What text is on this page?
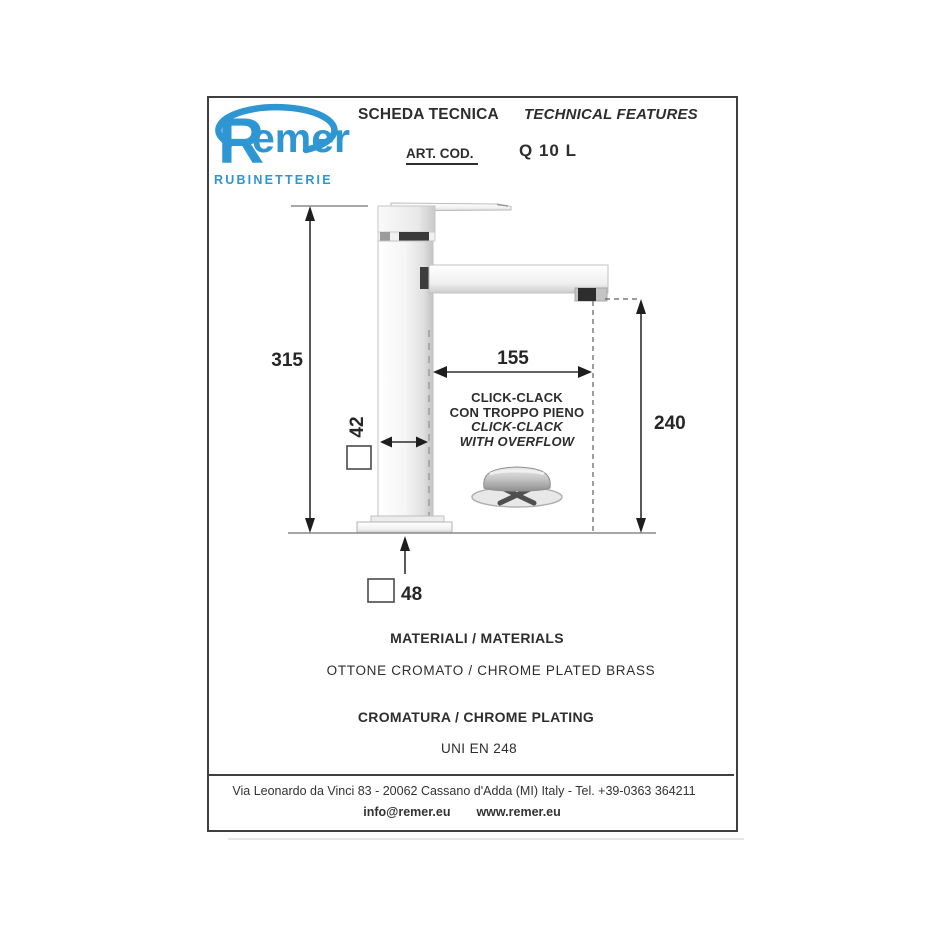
R
emer
RUBINETTERIE
SCHEDA TECNICA TECHNICAL FEATURES
ART. COD.	Q 10 L
315
42
155
240
48
CLICK-CLACK
CON TROPPO PIENO
CLICK-CLACK
WITH OVERFLOW
MATERIALI / MATERIALS
OTTONE CROMATO / CHROME PLATED BRASS
CROMATURA / CHROME PLATING
UNI EN 248
Via Leonardo da Vinci 83 - 20062 Cassano d'Adda (MI) Italy - Tel. +39-0363 364211
info@remer.eu www.remer.eu
